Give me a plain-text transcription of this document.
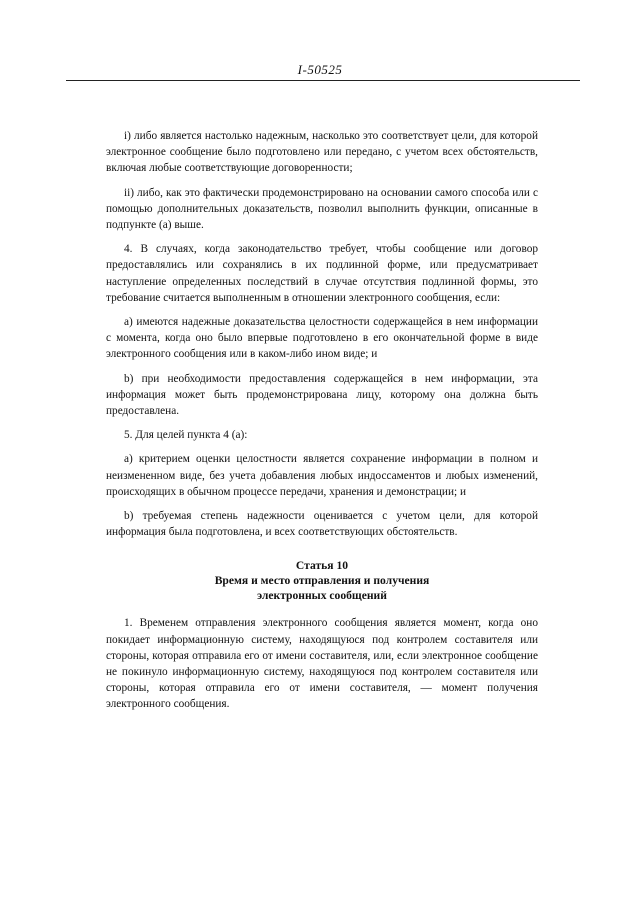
I-50525

i) либо является настолько надежным, насколько это соответствует цели, для которой электронное сообщение было подготовлено или передано, с учетом всех обстоятельств, включая любые соответствующие договоренности;

ii) либо, как это фактически продемонстрировано на основании самого способа или с помощью дополнительных доказательств, позволил выполнить функции, описанные в подпункте (a) выше.

4. В случаях, когда законодательство требует, чтобы сообщение или договор предоставлялись или сохранялись в их подлинной форме, или предусматривает наступление определенных последствий в случае отсутствия подлинной формы, это требование считается выполненным в отношении электронного сообщения, если:

a) имеются надежные доказательства целостности содержащейся в нем информации с момента, когда оно было впервые подготовлено в его окончательной форме в виде электронного сообщения или в каком-либо ином виде; и

b) при необходимости предоставления содержащейся в нем информации, эта информация может быть продемонстрирована лицу, которому она должна быть предоставлена.

5. Для целей пункта 4 (a):

a) критерием оценки целостности является сохранение информации в полном и неизмененном виде, без учета добавления любых индоссаментов и любых изменений, происходящих в обычном процессе передачи, хранения и демонстрации; и

b) требуемая степень надежности оценивается с учетом цели, для которой информация была подготовлена, и всех соответствующих обстоятельств.

Статья 10
Время и место отправления и получения
электронных сообщений

1. Временем отправления электронного сообщения является момент, когда оно покидает информационную систему, находящуюся под контролем составителя или стороны, которая отправила его от имени составителя, или, если электронное сообщение не покинуло информационную систему, находящуюся под контролем составителя или стороны, которая отправила его от имени составителя, — момент получения электронного сообщения.
